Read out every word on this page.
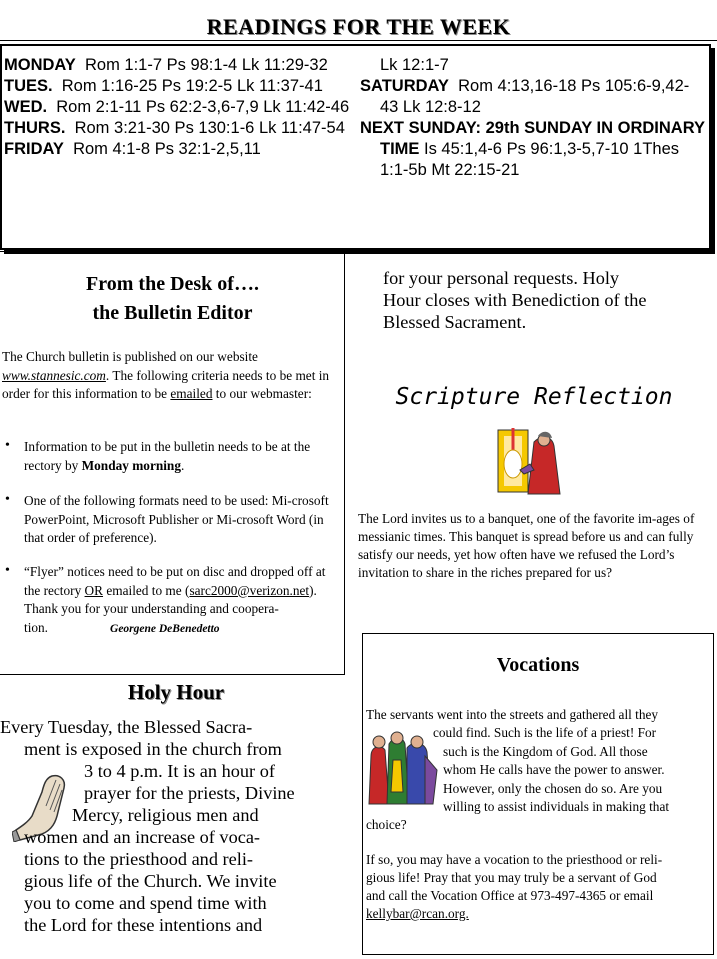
READINGS FOR THE WEEK
MONDAY Rom 1:1-7 Ps 98:1-4 Lk 11:29-32
TUES. Rom 1:16-25 Ps 19:2-5 Lk 11:37-41
WED. Rom 2:1-11 Ps 62:2-3,6-7,9 Lk 11:42-46
THURS. Rom 3:21-30 Ps 130:1-6 Lk 11:47-54
FRIDAY Rom 4:1-8 Ps 32:1-2,5,11
Lk 12:1-7
SATURDAY Rom 4:13,16-18 Ps 105:6-9,42-43 Lk 12:8-12
NEXT SUNDAY: 29th SUNDAY IN ORDINARY TIME Is 45:1,4-6 Ps 96:1,3-5,7-10 1Thes 1:1-5b Mt 22:15-21
From the Desk of….
the Bulletin Editor
The Church bulletin is published on our website www.stannesic.com. The following criteria needs to be met in order for this information to be emailed to our webmaster:
• Information to be put in the bulletin needs to be at the rectory by Monday morning.
• One of the following formats need to be used: Mi-crosoft PowerPoint, Microsoft Publisher or Mi-crosoft Word (in that order of preference).
• “Flyer” notices need to be put on disc and dropped off at the rectory OR emailed to me (sarc2000@verizon.net).
Thank you for your understanding and coopera-
tion.	Georgene DeBenedetto
Holy Hour
Every Tuesday, the Blessed Sacra-
ment is exposed in the church from
3 to 4 p.m. It is an hour of
prayer for the priests, Divine
Mercy, religious men and
women and an increase of voca-
tions to the priesthood and reli-
gious life of the Church. We invite
you to come and spend time with
the Lord for these intentions and
for your personal requests. Holy
Hour closes with Benediction of the
Blessed Sacrament.
Scripture Reflection
The Lord invites us to a banquet, one of the favorite im-ages of messianic times. This banquet is spread before us and can fully satisfy our needs, yet how often have we refused the Lord’s invitation to share in the riches prepared for us?
Vocations
The servants went into the streets and gathered all they
could find. Such is the life of a priest! For
such is the Kingdom of God. All those
whom He calls have the power to answer.
However, only the chosen do so. Are you
willing to assist individuals in making that
choice?
If so, you may have a vocation to the priesthood or reli-
gious life! Pray that you may truly be a servant of God
and call the Vocation Office at 973-497-4365 or email
kellybar@rcan.org.
